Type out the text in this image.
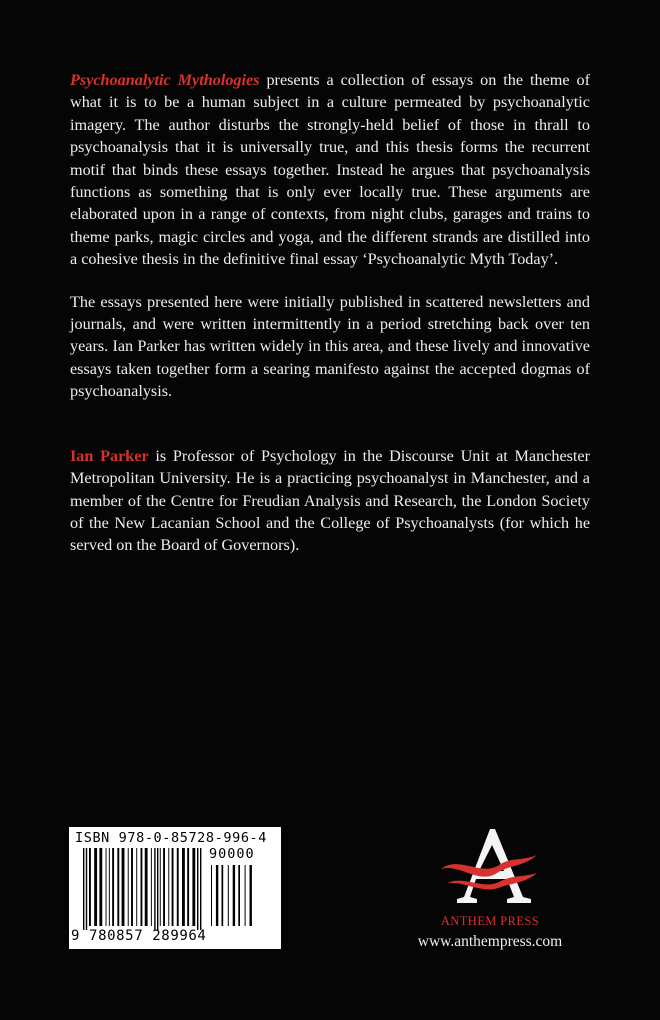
Psychoanalytic Mythologies presents a collection of essays on the theme of what it is to be a human subject in a culture permeated by psychoanalytic imagery. The author disturbs the strongly-held belief of those in thrall to psychoanalysis that it is universally true, and this thesis forms the recurrent motif that binds these essays together. Instead he argues that psychoanalysis functions as something that is only ever locally true. These arguments are elaborated upon in a range of contexts, from night clubs, garages and trains to theme parks, magic circles and yoga, and the different strands are distilled into a cohesive thesis in the definitive final essay ‘Psychoanalytic Myth Today’.

The essays presented here were initially published in scattered newsletters and journals, and were written intermittently in a period stretching back over ten years. Ian Parker has written widely in this area, and these lively and innovative essays taken together form a searing manifesto against the accepted dogmas of psychoanalysis.

Ian Parker is Professor of Psychology in the Discourse Unit at Manchester Metropolitan University. He is a practicing psychoanalyst in Manchester, and a member of the Centre for Freudian Analysis and Research, the London Society of the New Lacanian School and the College of Psychoanalysts (for which he served on the Board of Governors).

ISBN 978-0-85728-996-4
90000
9 780857 289964
ANTHEM PRESS
www.anthempress.com
